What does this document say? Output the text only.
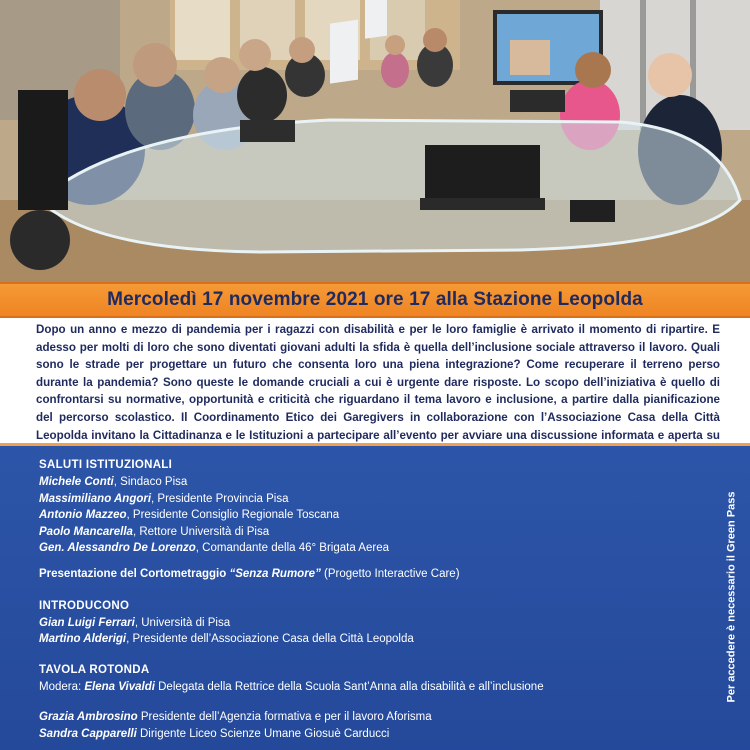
Mercoledì 17 novembre 2021 ore 17 alla Stazione Leopolda
Dopo un anno e mezzo di pandemia per i ragazzi con disabilità e per le loro famiglie è arrivato il momento di ripartire. E adesso per molti di loro che sono diventati giovani adulti la sfida è quella dell’inclusione sociale attraverso il lavoro. Quali sono le strade per progettare un futuro che consenta loro una piena integrazione? Come recuperare il terreno perso durante la pandemia? Sono queste le domande cruciali a cui è urgente dare risposte. Lo scopo dell’iniziativa è quello di confrontarsi su normative, opportunità e criticità che riguardano il tema lavoro e inclusione, a partire dalla pianificazione del percorso scolastico. Il Coordinamento Etico dei Garegivers in collaborazione con l’Associazione Casa della Città Leopolda invitano la Cittadinanza e le Istituzioni a partecipare all’evento per avviare una discussione informata e aperta su
SALUTI ISTITUZIONALI
Michele Conti, Sindaco Pisa
Massimiliano Angori, Presidente Provincia Pisa
Antonio Mazzeo, Presidente Consiglio Regionale Toscana
Paolo Mancarella, Rettore Università di Pisa
Gen. Alessandro De Lorenzo, Comandante della 46° Brigata Aerea
Presentazione del Cortometraggio “Senza Rumore” (Progetto Interactive Care)
INTRODUCONO
Gian Luigi Ferrari, Università di Pisa
Martino Alderigi, Presidente dell’Associazione Casa della Città Leopolda
TAVOLA ROTONDA
Modera: Elena Vivaldi Delegata della Rettrice della Scuola Sant’Anna alla disabilità e all’inclusione
Grazia Ambrosino Presidente dell’Agenzia formativa e per il lavoro Aforisma
Sandra Capparelli Dirigente Liceo Scienze Umane Giosuè Carducci
Per accedere è necessario il Green Pass
